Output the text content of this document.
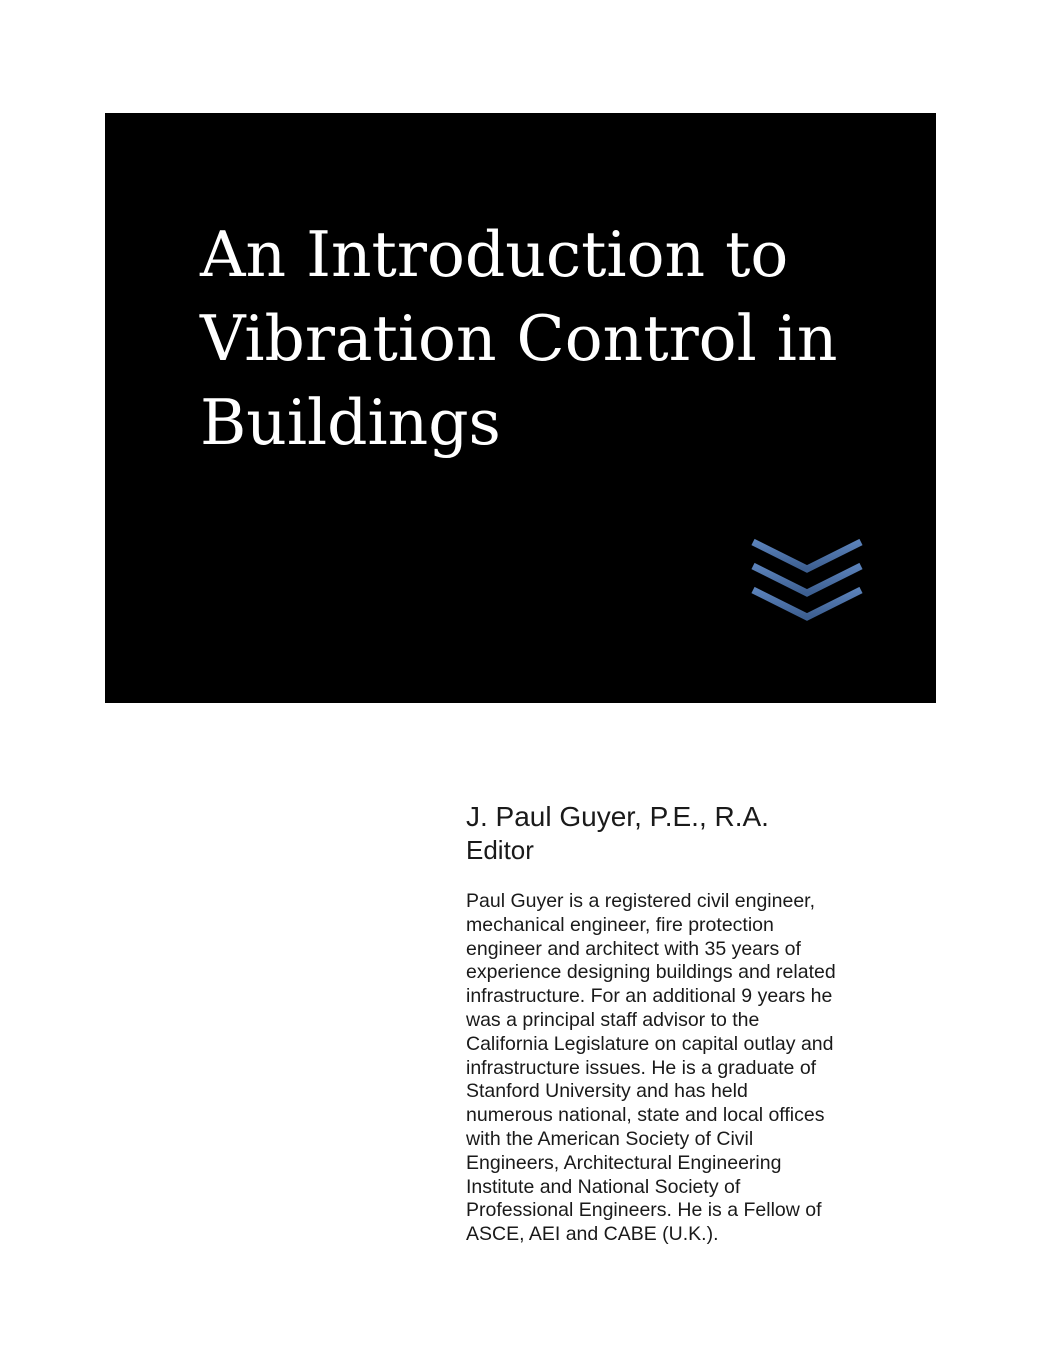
An Introduction to
Vibration Control in
Buildings

J. Paul Guyer, P.E., R.A.

Editor

Paul Guyer is a registered civil engineer,
mechanical engineer, fire protection
engineer and architect with 35 years of
experience designing buildings and related
infrastructure. For an additional 9 years he
was a principal staff advisor to the
California Legislature on capital outlay and
infrastructure issues. He is a graduate of
Stanford University and has held
numerous national, state and local offices
with the American Society of Civil
Engineers, Architectural Engineering
Institute and National Society of
Professional Engineers. He is a Fellow of
ASCE, AEI and CABE (U.K.).
